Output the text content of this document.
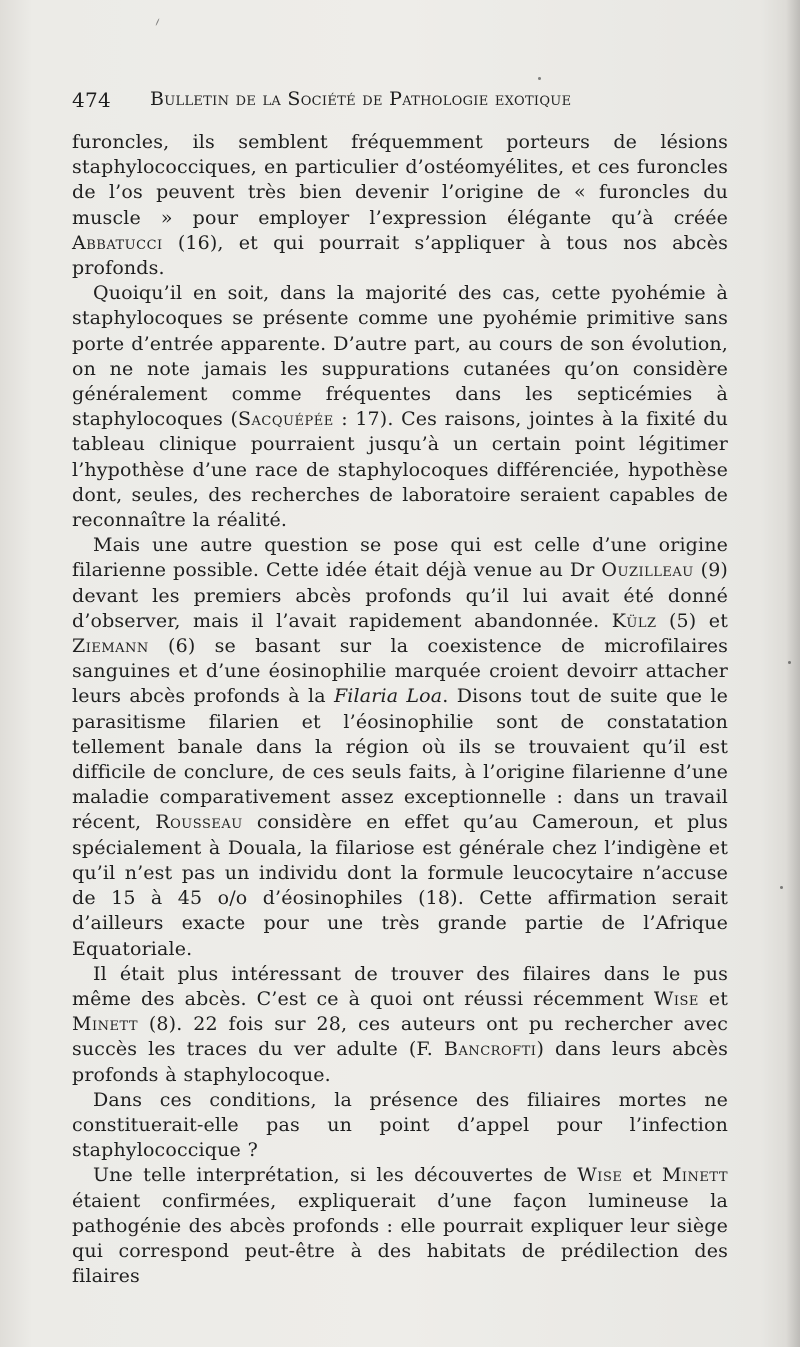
474 Bulletin de la Société de Pathologie exotique

furoncles, ils semblent fréquemment porteurs de lésions staphylococciques, en particulier d’ostéomyélites, et ces furoncles de l’os peuvent très bien devenir l’origine de « furoncles du muscle » pour employer l’expression élégante qu’à créée Abbatucci (16), et qui pourrait s’appliquer à tous nos abcès profonds.

Quoiqu’il en soit, dans la majorité des cas, cette pyohémie à staphylocoques se présente comme une pyohémie primitive sans porte d’entrée apparente. D’autre part, au cours de son évolution, on ne note jamais les suppurations cutanées qu’on considère généralement comme fréquentes dans les septicémies à staphylocoques (Sacquépée : 17). Ces raisons, jointes à la fixité du tableau clinique pourraient jusqu’à un certain point légitimer l’hypothèse d’une race de staphylocoques différenciée, hypothèse dont, seules, des recherches de laboratoire seraient capables de reconnaître la réalité.

Mais une autre question se pose qui est celle d’une origine filarienne possible. Cette idée était déjà venue au Dr Ouzilleau (9) devant les premiers abcès profonds qu’il lui avait été donné d’observer, mais il l’avait rapidement abandonnée. Külz (5) et Ziemann (6) se basant sur la coexistence de microfilaires sanguines et d’une éosinophilie marquée croient devoirr attacher leurs abcès profonds à la Filaria Loa. Disons tout de suite que le parasitisme filarien et l’éosinophilie sont de constatation tellement banale dans la région où ils se trouvaient qu’il est difficile de conclure, de ces seuls faits, à l’origine filarienne d’une maladie comparativement assez exceptionnelle : dans un travail récent, Rousseau considère en effet qu’au Cameroun, et plus spécialement à Douala, la filariose est générale chez l’indigène et qu’il n’est pas un individu dont la formule leucocytaire n’accuse de 15 à 45 o/o d’éosinophiles (18). Cette affirmation serait d’ailleurs exacte pour une très grande partie de l’Afrique Equatoriale.

Il était plus intéressant de trouver des filaires dans le pus même des abcès. C’est ce à quoi ont réussi récemment Wise et Minett (8). 22 fois sur 28, ces auteurs ont pu rechercher avec succès les traces du ver adulte (F. Bancrofti) dans leurs abcès profonds à staphylocoque.

Dans ces conditions, la présence des filiaires mortes ne constituerait-elle pas un point d’appel pour l’infection staphylococcique ?

Une telle interprétation, si les découvertes de Wise et Minett étaient confirmées, expliquerait d’une façon lumineuse la pathogénie des abcès profonds : elle pourrait expliquer leur siège qui correspond peut-être à des habitats de prédilection des filaires
